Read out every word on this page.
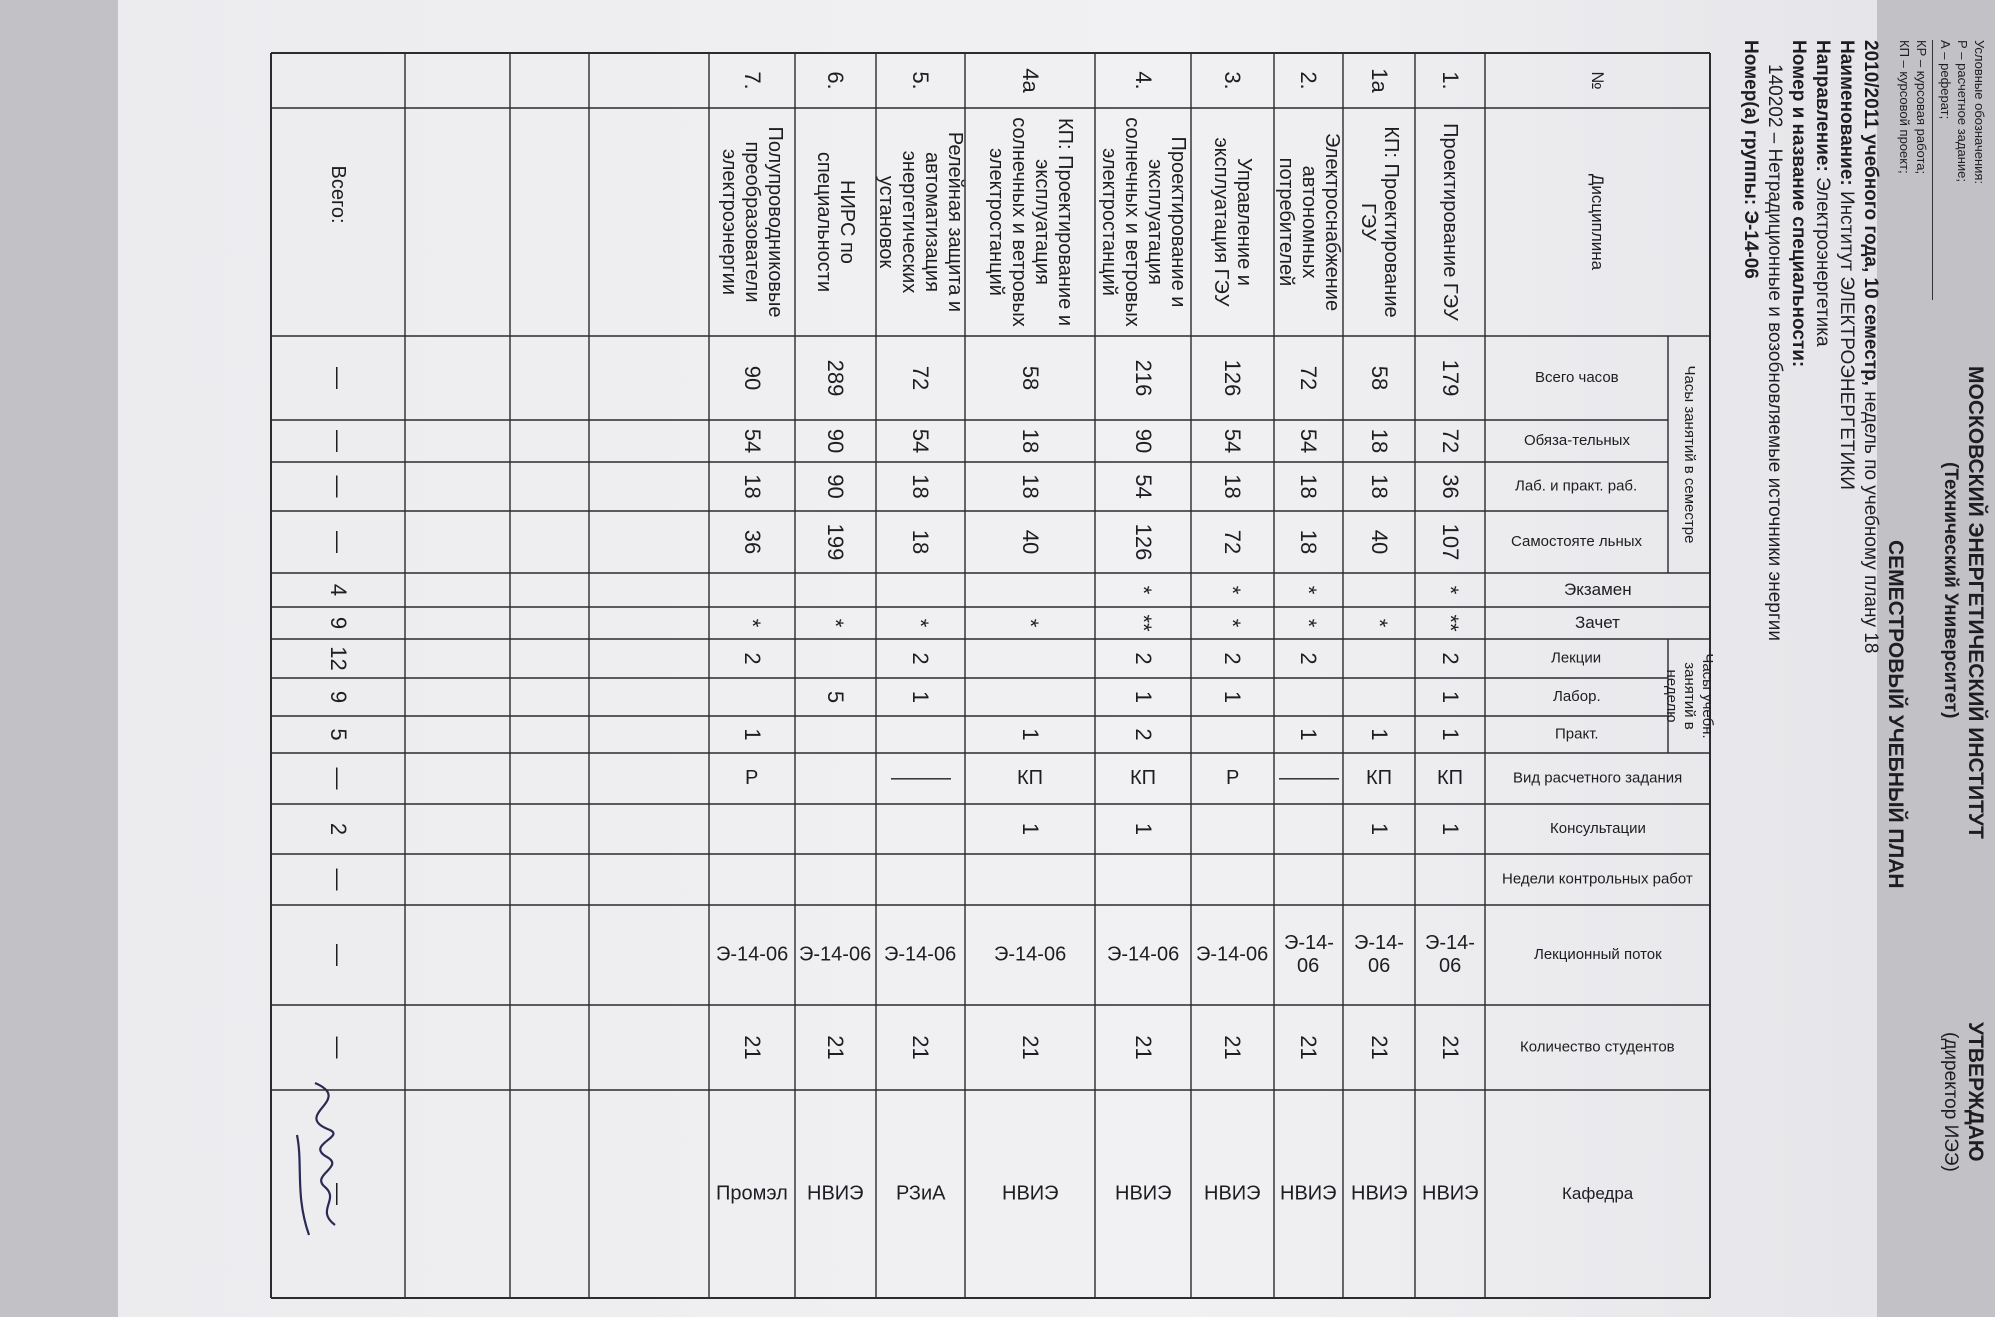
Условные обозначения:
Р – расчетное задание;
А – реферат;
КР – курсовая работа;
КП – курсовой проект;
МОСКОВСКИЙ ЭНЕРГЕТИЧЕСКИЙ ИНСТИТУТ
(Технический Университет)
УТВЕРЖДАЮ
(директор ИЭЭ)
СЕМЕСТРОВЫЙ УЧЕБНЫЙ ПЛАН
2010/2011 учебного года, 10 семестр, недель по учебному плану 18
Наименование: Институт ЭЛЕКТРОЭНЕРГЕТИКИ
Направление: Электроэнергетика
Номер и название специальности:
140202 – Нетрадиционные и возобновляемые источники энергии
Номер(а) группы: Э-14-06
№
Дисциплина
Часы занятий в семестре
Всего часов
Обяза-тельных
Лаб. и практ. раб.
Самостояте льных
Экзамен
Зачет
Часы учебн. занятий в неделю
Лекции
Лабор.
Практ.
Вид расчетного задания
Консультации
Недели контрольных работ
Лекционный поток
Количество студентов
Кафедра
1.
Проектирование ГЭУ
179
72
36
107
*
**
2
1
1
КП
1
Э-14-06
21
НВИЭ
1а
КП: Проектирование ГЭУ
58
18
18
40
*
1
КП
1
Э-14-06
21
НВИЭ
2.
Электроснабжение автономных потребителей
72
54
18
18
*
*
2
1
———
Э-14-06
21
НВИЭ
3.
Управление и эксплуатация ГЭУ
126
54
18
72
*
*
2
1
Р
Э-14-06
21
НВИЭ
4.
Проектирование и эксплуатация солнечных и ветровых электростанций
216
90
54
126
*
**
2
1
2
КП
1
Э-14-06
21
НВИЭ
4а
КП: Проектирование и эксплуатация солнечных и ветровых электростанций
58
18
18
40
*
1
КП
1
Э-14-06
21
НВИЭ
5.
Релейная защита и автоматизация энергетических установок
72
54
18
18
*
2
1
———
Э-14-06
21
РЗиА
6.
НИРС по специальности
289
90
90
199
*
5
Э-14-06
21
НВИЭ
7.
Полупроводниковые преобразователи электроэнергии
90
54
18
36
*
2
1
Р
Э-14-06
21
Промэл
Всего:
—
—
—
—
4
9
12
9
5
—
2
—
—
—
—
